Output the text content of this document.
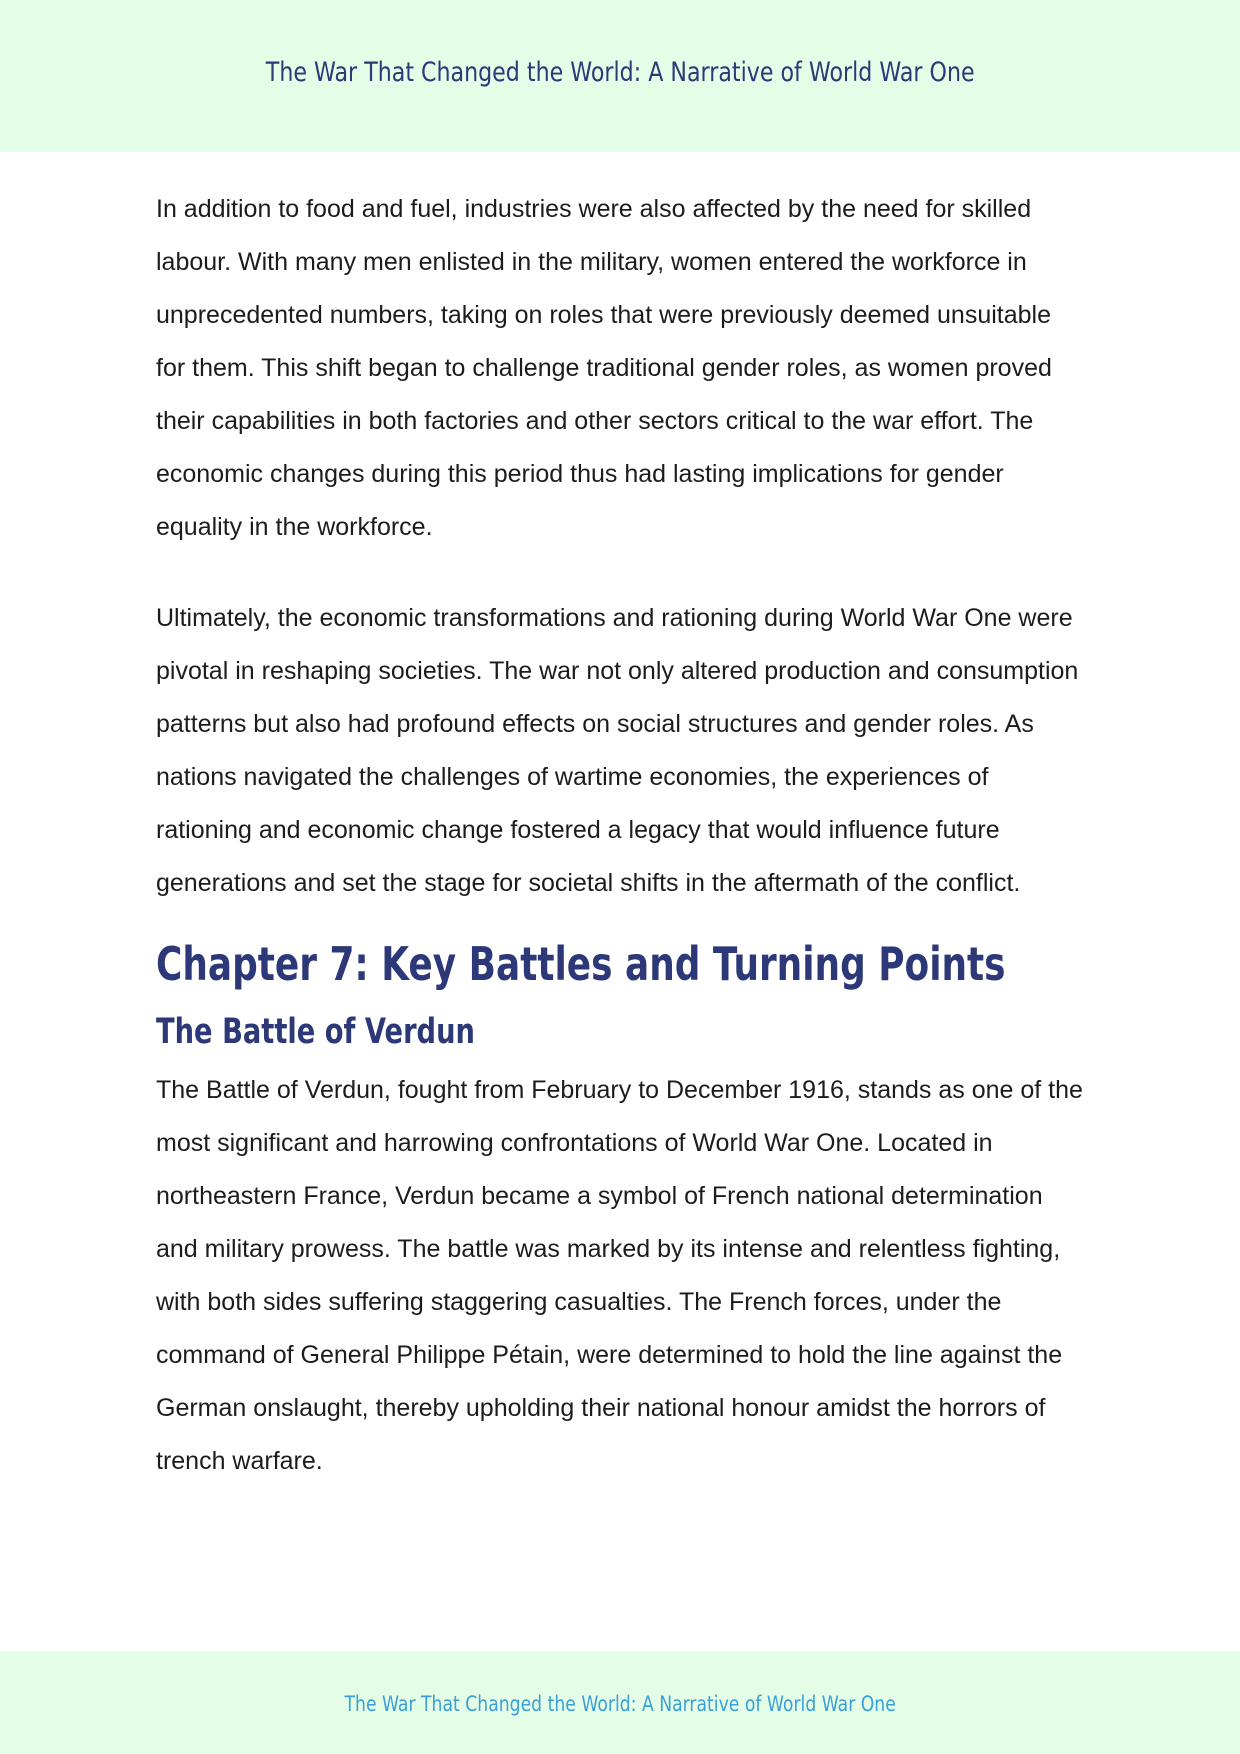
The War That Changed the World: A Narrative of World War One

In addition to food and fuel, industries were also affected by the need for skilled labour. With many men enlisted in the military, women entered the workforce in unprecedented numbers, taking on roles that were previously deemed unsuitable for them. This shift began to challenge traditional gender roles, as women proved their capabilities in both factories and other sectors critical to the war effort. The economic changes during this period thus had lasting implications for gender equality in the workforce.

Ultimately, the economic transformations and rationing during World War One were pivotal in reshaping societies. The war not only altered production and consumption patterns but also had profound effects on social structures and gender roles. As nations navigated the challenges of wartime economies, the experiences of rationing and economic change fostered a legacy that would influence future generations and set the stage for societal shifts in the aftermath of the conflict.

Chapter 7: Key Battles and Turning Points
The Battle of Verdun

The Battle of Verdun, fought from February to December 1916, stands as one of the most significant and harrowing confrontations of World War One. Located in northeastern France, Verdun became a symbol of French national determination and military prowess. The battle was marked by its intense and relentless fighting, with both sides suffering staggering casualties. The French forces, under the command of General Philippe Pétain, were determined to hold the line against the German onslaught, thereby upholding their national honour amidst the horrors of trench warfare.

The War That Changed the World: A Narrative of World War One
